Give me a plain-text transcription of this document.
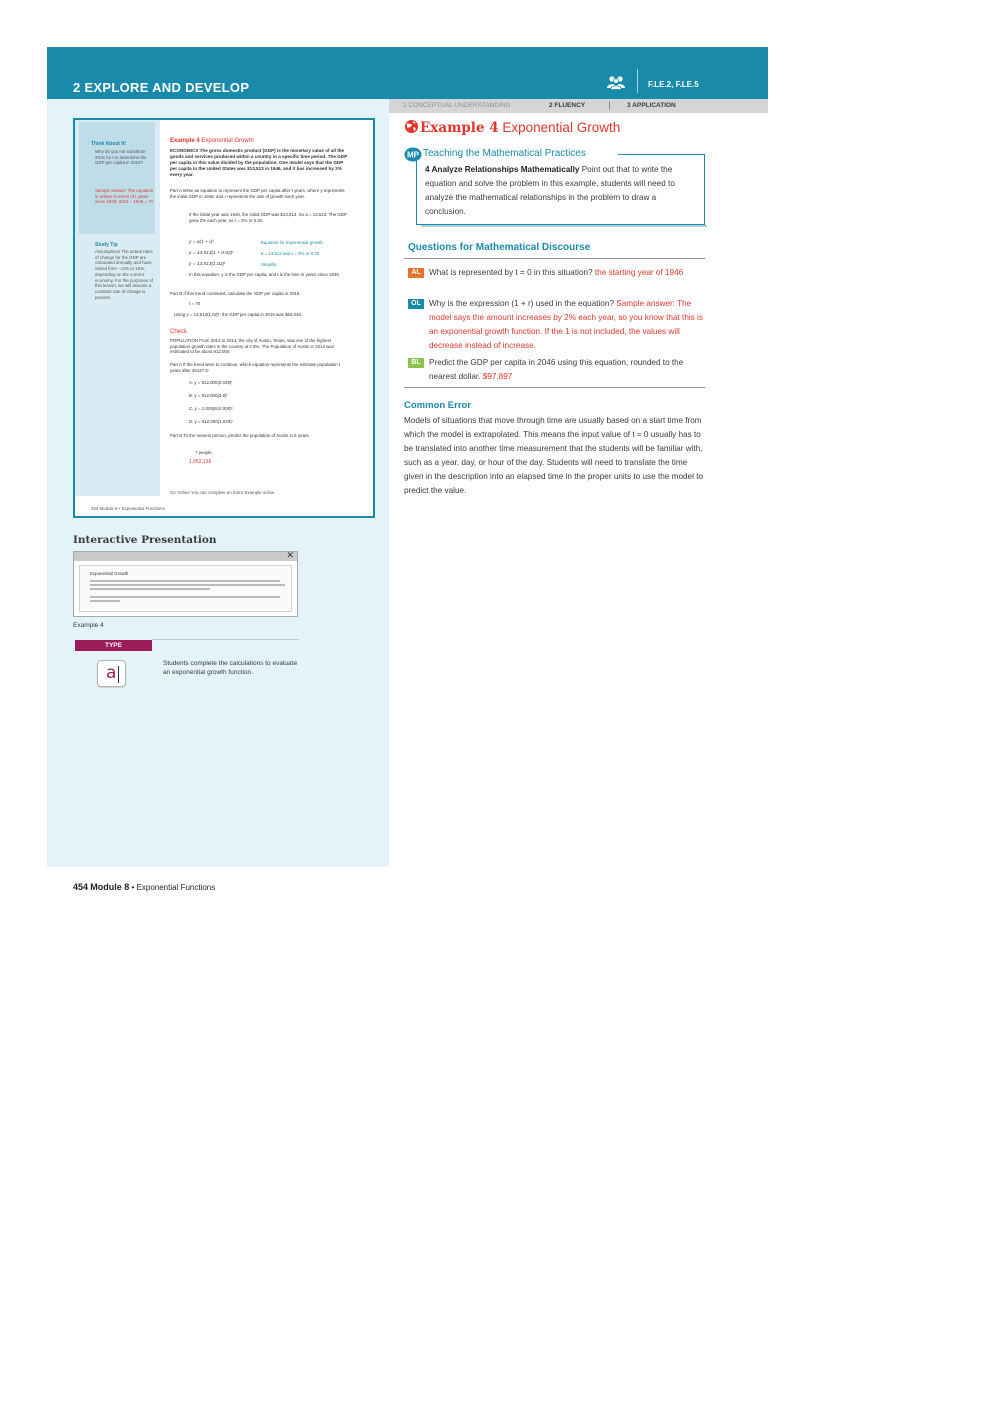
2 EXPLORE AND DEVELOP	F.LE.2, F.LE.5
1 CONCEPTUAL UNDERSTANDING	2 FLUENCY	3 APPLICATION
Think About It!
Why do you not substitute 2016 for t to determine the GDP per capita in 2016?
Sample answer: The equation is written in terms of t years since 1946; 2016 − 1946 = 70.
Study Tip
Assumptions The actual rates of change for the GDP are calculated annually and have varied from −11% to 15%, depending on the current economy. For the purposes of this lesson, we will assume a constant rate of change is present.
Example 4 Exponential Growth
ECONOMICS The gross domestic product (GDP) is the monetary value of all the goods and services produced within a country in a specific time period. The GDP per capita in this value divided by the population. One model says that the GDP per capita in the United States was $13,513 in 1946, and it has increased by 2% every year.
Part A Write an equation to represent the GDP per capita after t years, where y represents the initial GDP in 1946, and r represents the rate of growth each year.
If the initial year was 1946, the initial GDP was $13,513. So a = 13,513. The GDP grew 2% each year, so r = 2% or 0.02.
y = a(1 + r)ᵗ	Equation for exponential growth
y = 13,513(1 + 0.02)ᵗ	a = 13,513 and r = 2% or 0.02
y = 13,513(1.02)ᵗ	Simplify.
In this equation, y is the GDP per capita, and t is the time in years since 1946.
Part B If this trend continued, calculate the GDP per capita in 2016.
t = 70
Using y = 13,513(1.02)ᵗ, the GDP per capita in 2016 was $54,046.
Check
POPULATION From 2013 to 2014, the city of Austin, Texas, saw one of the highest population growth rates in the country at 2.9%. The Population of Austin in 2014 was estimated to be about 912,000.
Part A If the trend were to continue, which equation represents the estimate population t years after 2014? D
A. y = 912,000(0.029)ᵗ
B. y = 912,000(3.9)ᵗ
C. y = 1.029(912,000)ᵗ
D. y = 912,000(1.029)ᵗ
Part B To the nearest person, predict the population of Austin in 5 years.
? people
1,052,136
Go Online You can complete an Extra Example online.
454 Module 8 • Exponential Functions
Interactive Presentation
✕
Exponential Growth
Example 4
TYPE
a	Students complete the calculations to evaluate an exponential growth function.
454 Module 8 • Exponential Functions
Example 4 Exponential Growth
MP Teaching the Mathematical Practices
4 Analyze Relationships Mathematically Point out that to write the equation and solve the problem in this example, students will need to analyze the mathematical relationships in the problem to draw a conclusion.
Questions for Mathematical Discourse
AL	What is represented by t = 0 in this situation? the starting year of 1946
OL Why is the expression (1 + r) used in the equation? Sample answer: The model says the amount increases by 2% each year, so you know that this is an exponential growth function. If the 1 is not included, the values will decrease instead of increase.
BL	Predict the GDP per capita in 2046 using this equation, rounded to the nearest dollar. $97,897
Common Error
Models of situations that move through time are usually based on a start time from which the model is extrapolated. This means the input value of t = 0 usually has to be translated into another time measurement that the students will be familiar with, such as a year, day, or hour of the day. Students will need to translate the time given in the description into an elapsed time in the proper units to use the model to predict the value.
